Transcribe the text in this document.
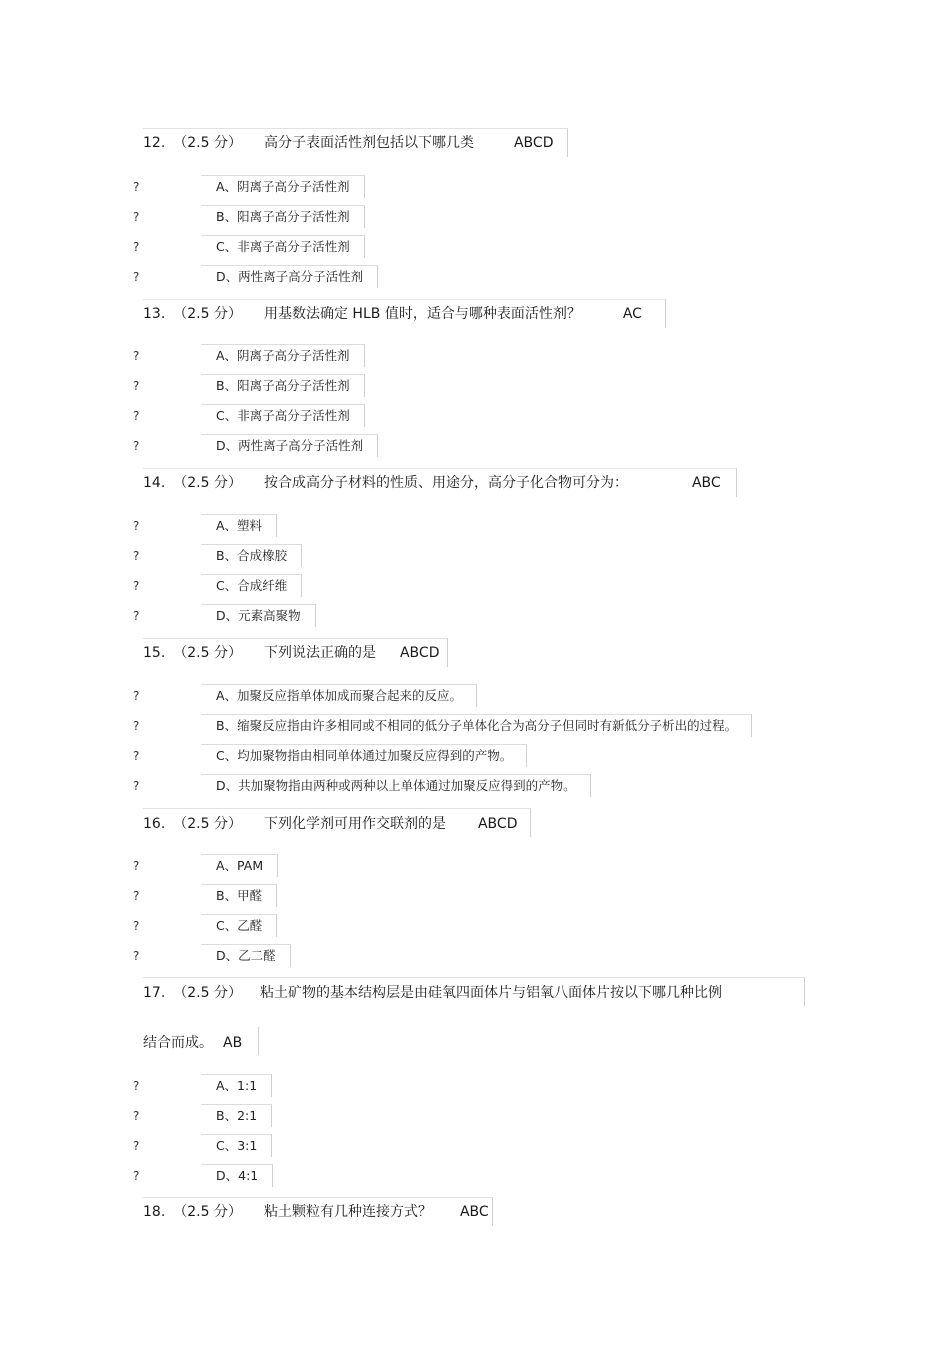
12. （2.5 分） 高分子表面活性剂包括以下哪几类	ABCD
?	A、阴离子高分子活性剂
?	B、阳离子高分子活性剂
?	C、非离子高分子活性剂
?	D、两性离子高分子活性剂
13. （2.5 分） 用基数法确定 HLB 值时，适合与哪种表面活性剂？	AC
?	A、阴离子高分子活性剂
?	B、阳离子高分子活性剂
?	C、非离子高分子活性剂
?	D、两性离子高分子活性剂
14. （2.5 分） 按合成高分子材料的性质、用途分，高分子化合物可分为：	ABC
?	A、塑料
?	B、合成橡胶
?	C、合成纤维
?	D、元素高聚物
15. （2.5 分） 下列说法正确的是 ABCD
?	A、加聚反应指单体加成而聚合起来的反应。
?	B、缩聚反应指由许多相同或不相同的低分子单体化合为高分子但同时有新低分子析出的过程。
?	C、均加聚物指由相同单体通过加聚反应得到的产物。
?	D、共加聚物指由两种或两种以上单体通过加聚反应得到的产物。
16. （2.5 分） 下列化学剂可用作交联剂的是 ABCD
?	A、PAM
?	B、甲醛
?	C、乙醛
?	D、乙二醛
17. （2.5 分） 粘土矿物的基本结构层是由硅氧四面体片与铝氧八面体片按以下哪几种比例
结合而成。 AB
?	A、1:1
?	B、2:1
?	C、3:1
?	D、4:1
18. （2.5 分） 粘土颗粒有几种连接方式？ ABC
